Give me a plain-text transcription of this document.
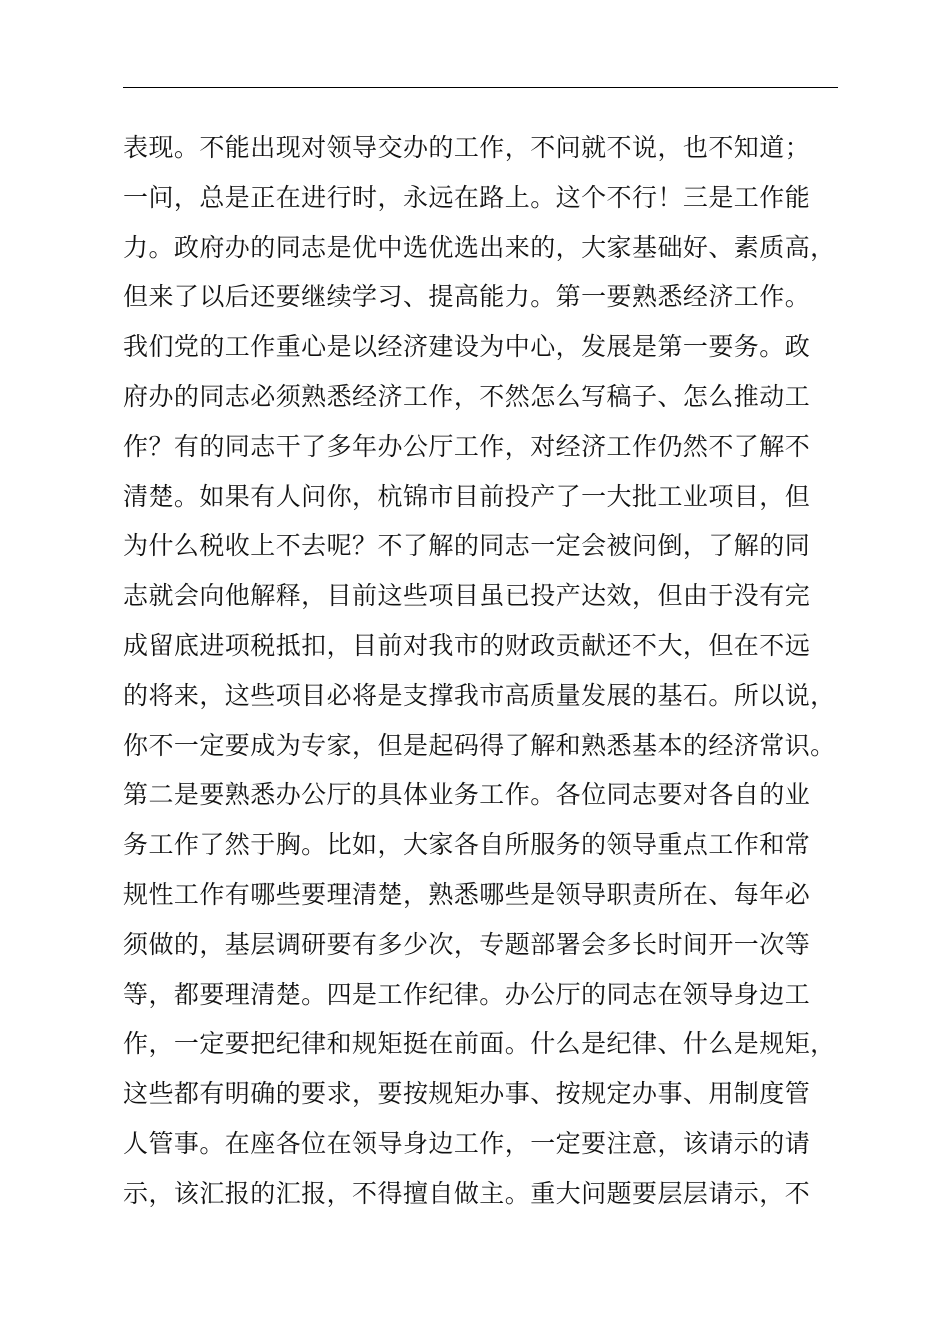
表现。不能出现对领导交办的工作，不问就不说，也不知道；
一问，总是正在进行时，永远在路上。这个不行！三是工作能
力。政府办的同志是优中选优选出来的，大家基础好、素质高，
但来了以后还要继续学习、提高能力。第一要熟悉经济工作。
我们党的工作重心是以经济建设为中心，发展是第一要务。政
府办的同志必须熟悉经济工作，不然怎么写稿子、怎么推动工
作？有的同志干了多年办公厅工作，对经济工作仍然不了解不
清楚。如果有人问你，杭锦市目前投产了一大批工业项目，但
为什么税收上不去呢？不了解的同志一定会被问倒，了解的同
志就会向他解释，目前这些项目虽已投产达效，但由于没有完
成留底进项税抵扣，目前对我市的财政贡献还不大，但在不远
的将来，这些项目必将是支撑我市高质量发展的基石。所以说，
你不一定要成为专家，但是起码得了解和熟悉基本的经济常识。
第二是要熟悉办公厅的具体业务工作。各位同志要对各自的业
务工作了然于胸。比如，大家各自所服务的领导重点工作和常
规性工作有哪些要理清楚，熟悉哪些是领导职责所在、每年必
须做的，基层调研要有多少次，专题部署会多长时间开一次等
等，都要理清楚。四是工作纪律。办公厅的同志在领导身边工
作，一定要把纪律和规矩挺在前面。什么是纪律、什么是规矩，
这些都有明确的要求，要按规矩办事、按规定办事、用制度管
人管事。在座各位在领导身边工作，一定要注意，该请示的请
示，该汇报的汇报，不得擅自做主。重大问题要层层请示，不
